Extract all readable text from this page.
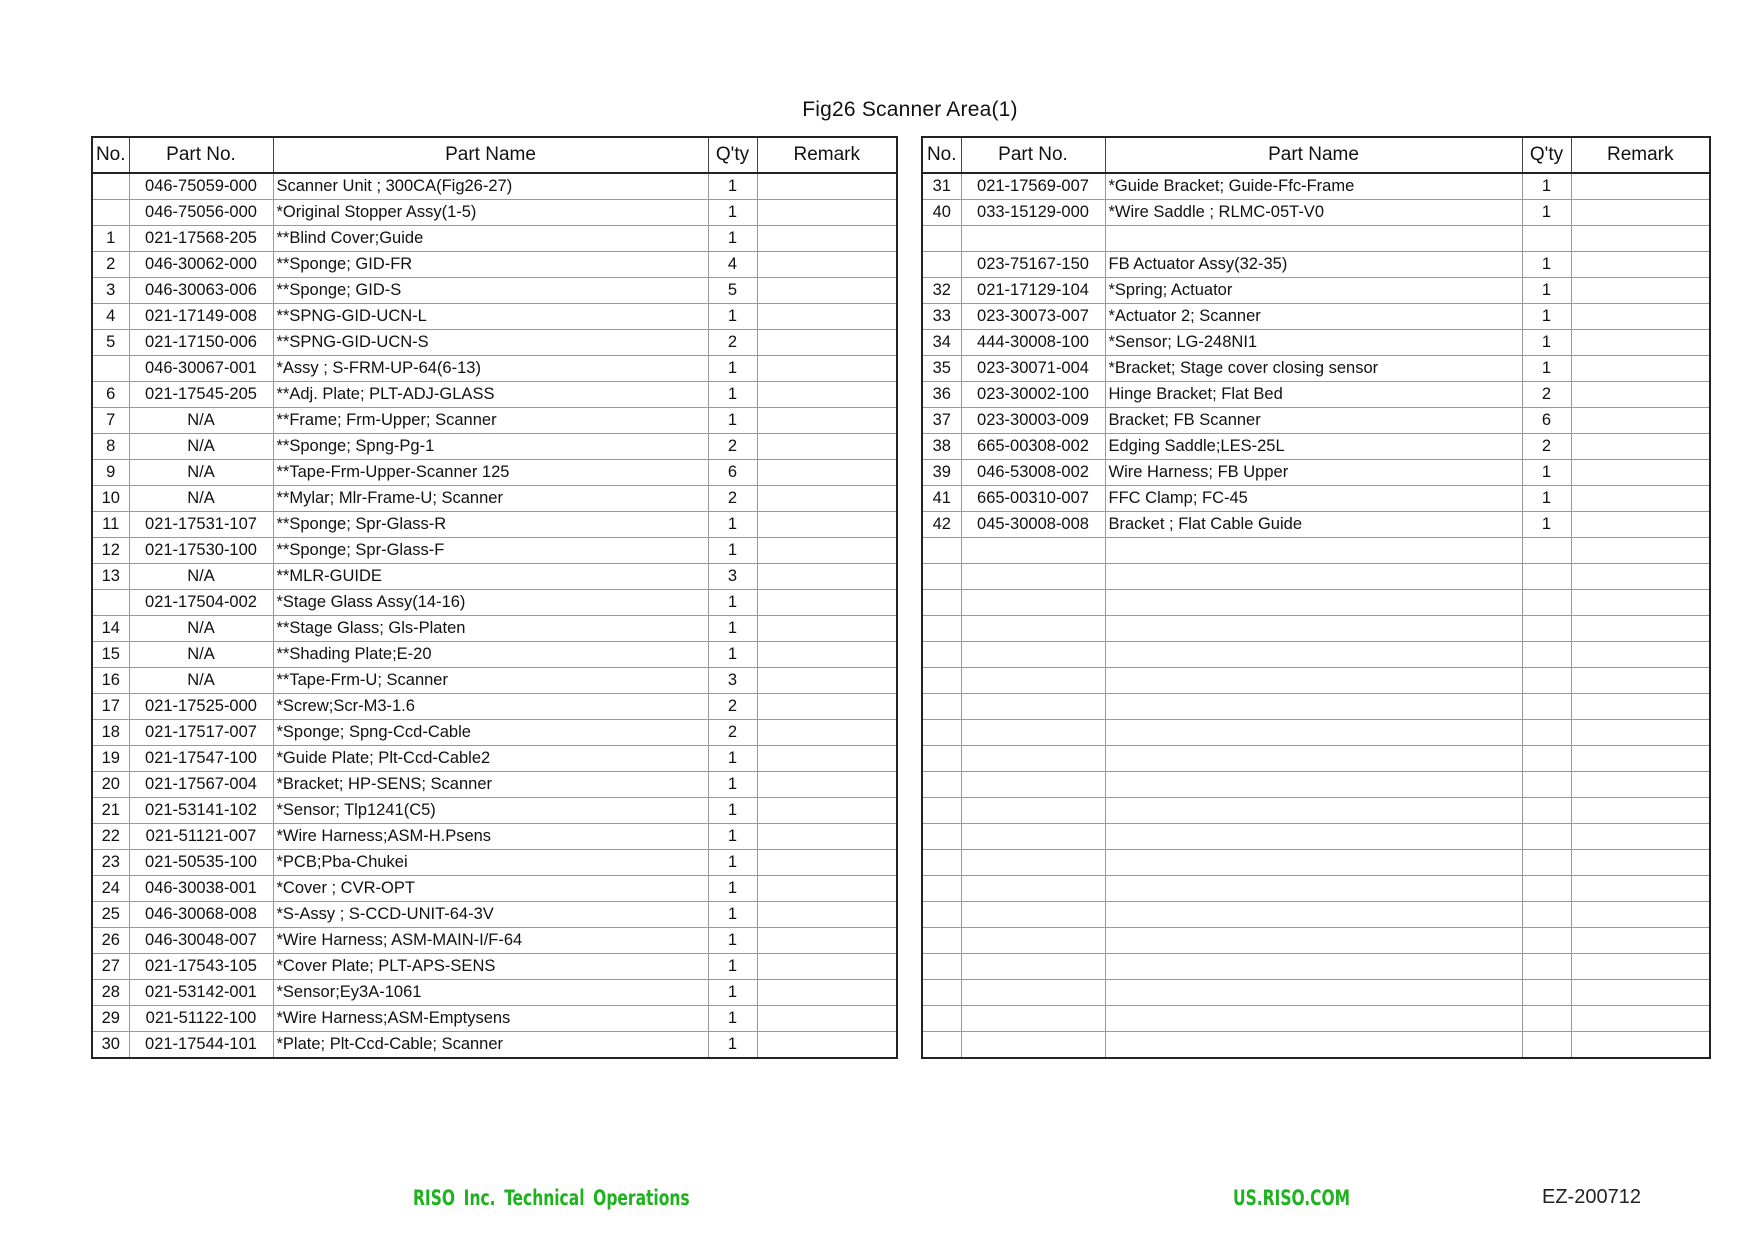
Fig26 Scanner Area(1)
No.	Part No.	Part Name	Q'ty	Remark
	046-75059-000	Scanner Unit ; 300CA(Fig26-27)	1	
	046-75056-000	*Original Stopper Assy(1-5)	1	
1	021-17568-205	**Blind Cover;Guide	1	
2	046-30062-000	**Sponge; GID-FR	4	
3	046-30063-006	**Sponge; GID-S	5	
4	021-17149-008	**SPNG-GID-UCN-L	1	
5	021-17150-006	**SPNG-GID-UCN-S	2	
	046-30067-001	*Assy ; S-FRM-UP-64(6-13)	1	
6	021-17545-205	**Adj. Plate; PLT-ADJ-GLASS	1	
7	N/A	**Frame; Frm-Upper; Scanner	1	
8	N/A	**Sponge; Spng-Pg-1	2	
9	N/A	**Tape-Frm-Upper-Scanner 125	6	
10	N/A	**Mylar; Mlr-Frame-U; Scanner	2	
11	021-17531-107	**Sponge; Spr-Glass-R	1	
12	021-17530-100	**Sponge; Spr-Glass-F	1	
13	N/A	**MLR-GUIDE	3	
	021-17504-002	*Stage Glass Assy(14-16)	1	
14	N/A	**Stage Glass; Gls-Platen	1	
15	N/A	**Shading Plate;E-20	1	
16	N/A	**Tape-Frm-U; Scanner	3	
17	021-17525-000	*Screw;Scr-M3-1.6	2	
18	021-17517-007	*Sponge; Spng-Ccd-Cable	2	
19	021-17547-100	*Guide Plate; Plt-Ccd-Cable2	1	
20	021-17567-004	*Bracket; HP-SENS; Scanner	1	
21	021-53141-102	*Sensor; Tlp1241(C5)	1	
22	021-51121-007	*Wire Harness;ASM-H.Psens	1	
23	021-50535-100	*PCB;Pba-Chukei	1	
24	046-30038-001	*Cover ; CVR-OPT	1	
25	046-30068-008	*S-Assy ; S-CCD-UNIT-64-3V	1	
26	046-30048-007	*Wire Harness; ASM-MAIN-I/F-64	1	
27	021-17543-105	*Cover Plate; PLT-APS-SENS	1	
28	021-53142-001	*Sensor;Ey3A-1061	1	
29	021-51122-100	*Wire Harness;ASM-Emptysens	1	
30	021-17544-101	*Plate; Plt-Ccd-Cable; Scanner	1	
No.	Part No.	Part Name	Q'ty	Remark
31	021-17569-007	*Guide Bracket; Guide-Ffc-Frame	1	
40	033-15129-000	*Wire Saddle ; RLMC-05T-V0	1	

	023-75167-150	FB Actuator Assy(32-35)	1	
32	021-17129-104	*Spring; Actuator	1	
33	023-30073-007	*Actuator 2; Scanner	1	
34	444-30008-100	*Sensor; LG-248NI1	1	
35	023-30071-004	*Bracket; Stage cover closing sensor	1	
36	023-30002-100	Hinge Bracket; Flat Bed	2	
37	023-30003-009	Bracket; FB Scanner	6	
38	665-00308-002	Edging Saddle;LES-25L	2	
39	046-53008-002	Wire Harness; FB Upper	1	
41	665-00310-007	FFC Clamp; FC-45	1	
42	045-30008-008	Bracket ; Flat Cable Guide	1	

RISO Inc. Technical Operations	US.RISO.COM	EZ-200712
